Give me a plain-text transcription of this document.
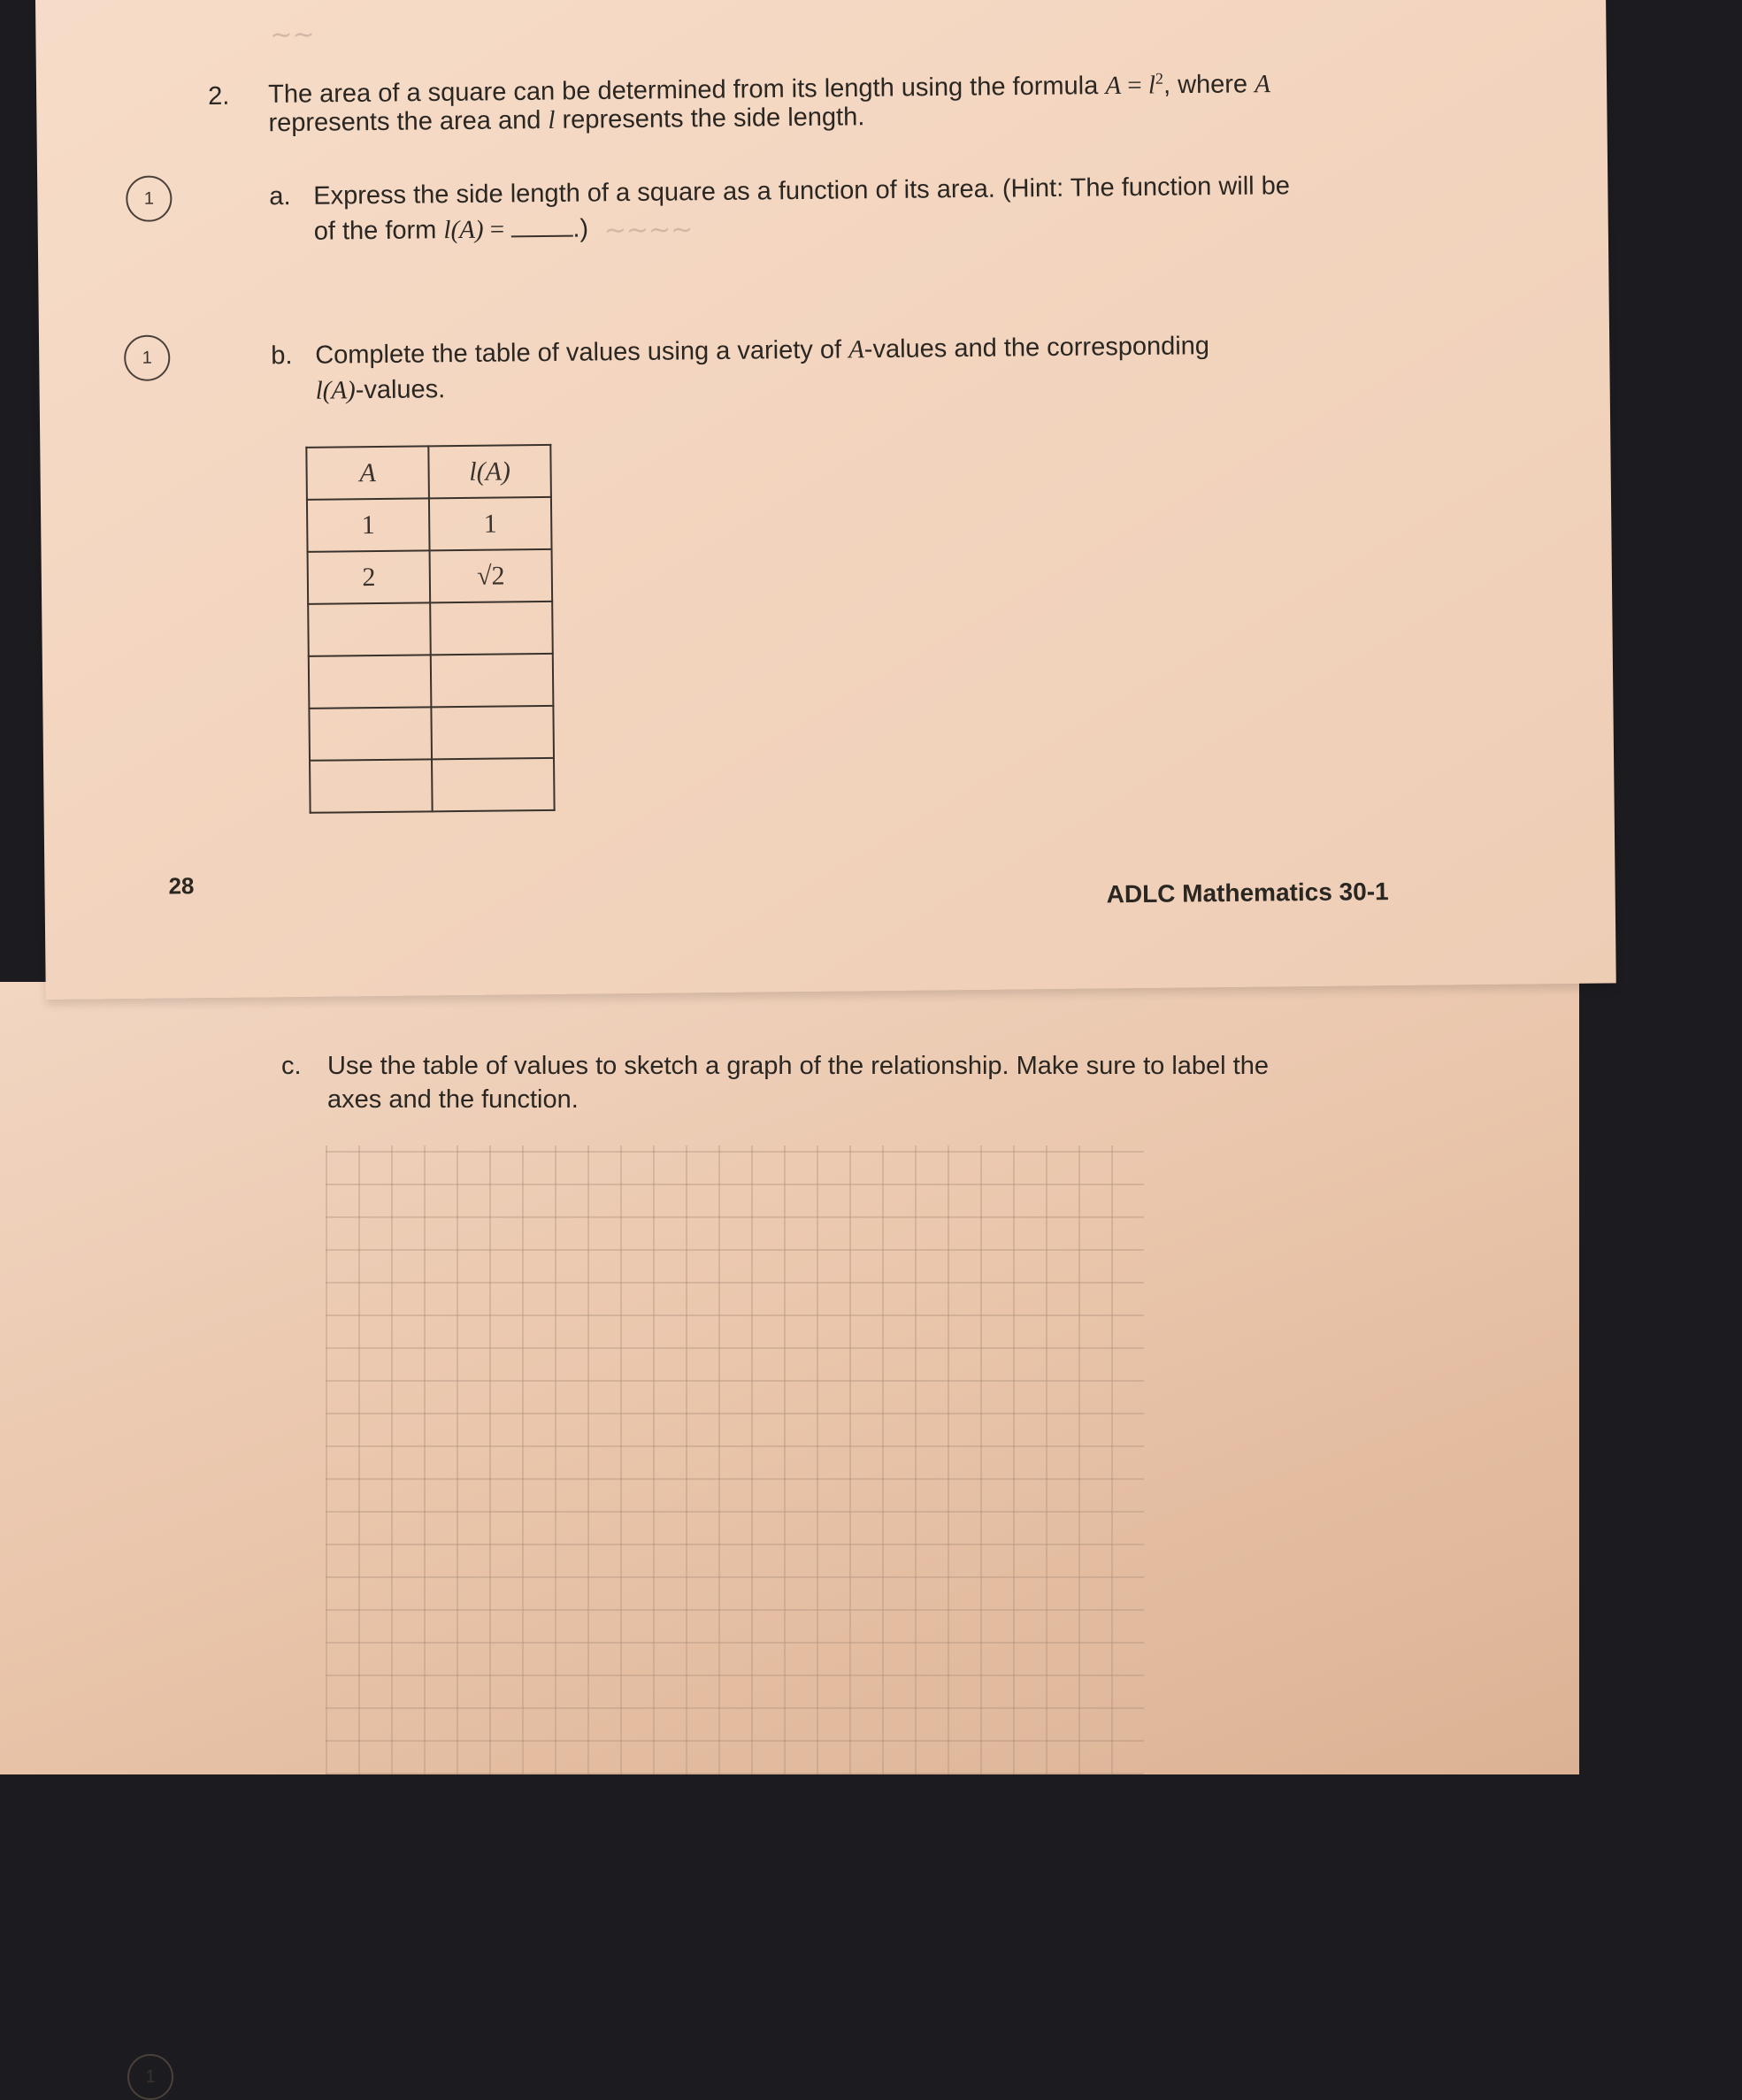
1
c. Use the table of values to sketch a graph of the relationship. Make sure to label the
axes and the function.
~~
2. The area of a square can be determined from its length using the formula $A = l^2$, where A
represents the area and l represents the side length.
1	a. Express the side length of a square as a function of its area. (Hint: The function will be
of the form l(A) = .) ~~~~
1	b. Complete the table of values using a variety of A-values and the corresponding
l(A)-values.
A	l(A)
1	1
2	√2

28	ADLC Mathematics 30-1
